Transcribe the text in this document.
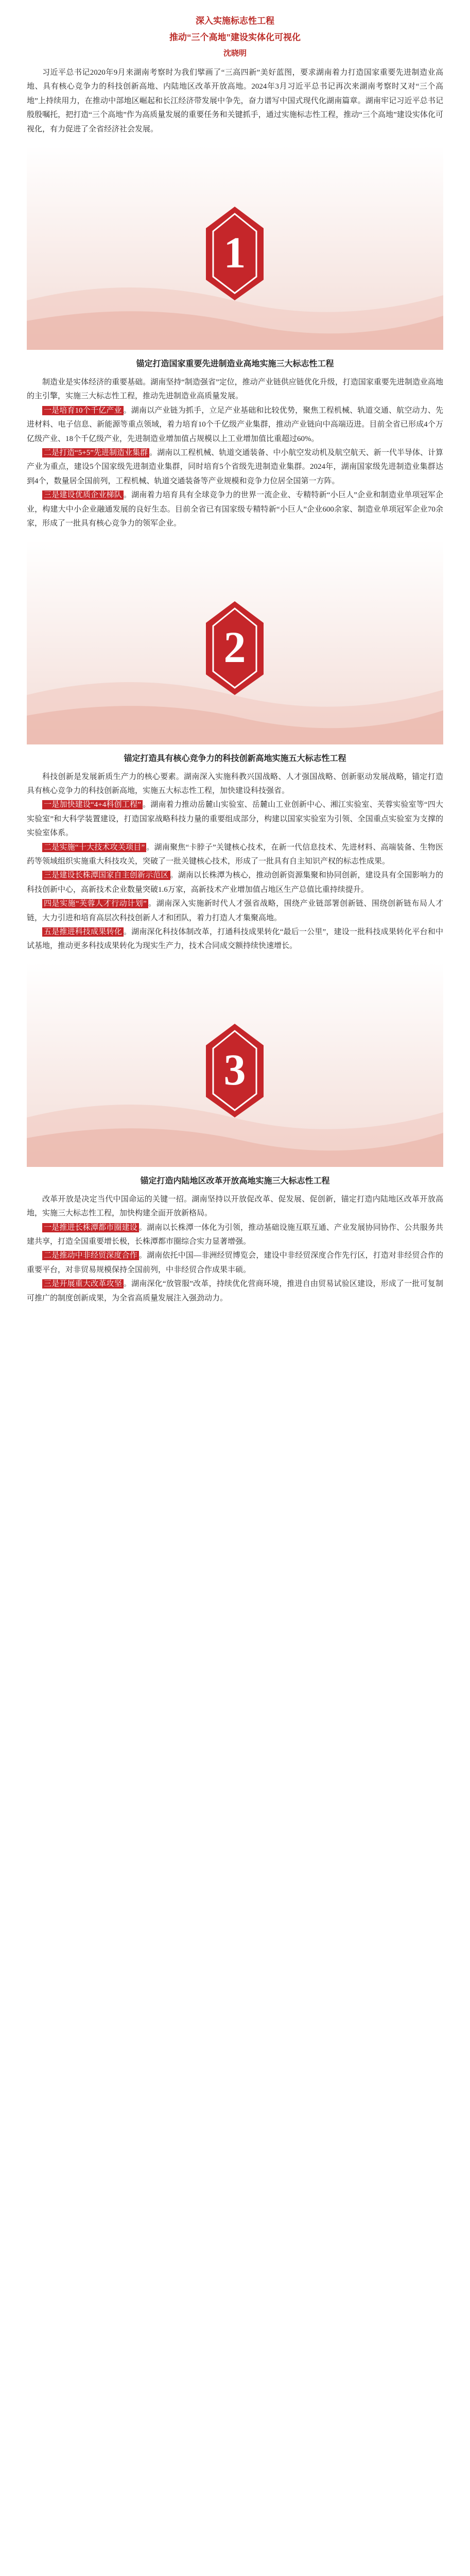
深入实施标志性工程
推动“三个高地”建设实体化可视化
沈晓明

习近平总书记2020年9月来湖南考察时为我们擘画了“三高四新”美好蓝图，要求湖南着力打造国家重要先进制造业高地、具有核心竞争力的科技创新高地、内陆地区改革开放高地。2024年3月习近平总书记再次来湖南考察时又对“三个高地”上持续用力，在推动中部地区崛起和长江经济带发展中争先，奋力谱写中国式现代化湖南篇章。湖南牢记习近平总书记殷殷嘱托，把打造“三个高地”作为高质量发展的重要任务和关键抓手，通过实施标志性工程，推动“三个高地”建设实体化可视化，有力促进了全省经济社会发展。

1
锚定打造国家重要先进制造业高地实施三大标志性工程

制造业是实体经济的重要基础。湖南坚持“制造强省”定位，推动产业链供应链优化升级，打造国家重要先进制造业高地的主引擎，实施三大标志性工程，推动先进制造业高质量发展。

一是培育10个千亿产业 。湖南以产业链为抓手，立足产业基础和比较优势，聚焦工程机械、轨道交通、航空动力、先进材料、电子信息、新能源等重点领域，着力培育10个千亿级产业集群，推动产业链向中高端迈进。目前全省已形成4个万亿级产业、18个千亿级产业，先进制造业增加值占规模以上工业增加值比重超过60%。

二是打造“5+5”先进制造业集群 。湖南以工程机械、轨道交通装备、中小航空发动机及航空航天、新一代半导体、计算产业为重点，建设5个国家级先进制造业集群，同时培育5个省级先进制造业集群。2024年，湖南国家级先进制造业集群达到4个，数量居全国前列，工程机械、轨道交通装备等产业规模和竞争力位居全国第一方阵。

三是建设优质企业梯队 。湖南着力培育具有全球竞争力的世界一流企业、专精特新“小巨人”企业和制造业单项冠军企业，构建大中小企业融通发展的良好生态。目前全省已有国家级专精特新“小巨人”企业600余家、制造业单项冠军企业70余家，形成了一批具有核心竞争力的领军企业。

2
锚定打造具有核心竞争力的科技创新高地实施五大标志性工程

科技创新是发展新质生产力的核心要素。湖南深入实施科教兴国战略、人才强国战略、创新驱动发展战略，锚定打造具有核心竞争力的科技创新高地，实施五大标志性工程，加快建设科技强省。

一是加快建设“4+4科创工程” 。湖南着力推动岳麓山实验室、岳麓山工业创新中心、湘江实验室、芙蓉实验室等“四大实验室”和大科学装置建设，打造国家战略科技力量的重要组成部分，构建以国家实验室为引领、全国重点实验室为支撑的实验室体系。

二是实施“十大技术攻关项目” 。湖南聚焦“卡脖子”关键核心技术，在新一代信息技术、先进材料、高端装备、生物医药等领域组织实施重大科技攻关，突破了一批关键核心技术，形成了一批具有自主知识产权的标志性成果。

三是建设长株潭国家自主创新示范区 。湖南以长株潭为核心，推动创新资源集聚和协同创新，建设具有全国影响力的科技创新中心，高新技术企业数量突破1.6万家，高新技术产业增加值占地区生产总值比重持续提升。

四是实施“芙蓉人才行动计划” 。湖南深入实施新时代人才强省战略，围绕产业链部署创新链、围绕创新链布局人才链，大力引进和培育高层次科技创新人才和团队，着力打造人才集聚高地。

五是推进科技成果转化 。湖南深化科技体制改革，打通科技成果转化“最后一公里”，建设一批科技成果转化平台和中试基地，推动更多科技成果转化为现实生产力，技术合同成交额持续快速增长。

3
锚定打造内陆地区改革开放高地实施三大标志性工程

改革开放是决定当代中国命运的关键一招。湖南坚持以开放促改革、促发展、促创新，锚定打造内陆地区改革开放高地，实施三大标志性工程，加快构建全面开放新格局。

一是推进长株潭都市圈建设 。湖南以长株潭一体化为引领，推动基础设施互联互通、产业发展协同协作、公共服务共建共享，打造全国重要增长极，长株潭都市圈综合实力显著增强。

二是推动中非经贸深度合作 。湖南依托中国—非洲经贸博览会，建设中非经贸深度合作先行区，打造对非经贸合作的重要平台，对非贸易规模保持全国前列，中非经贸合作成果丰硕。

三是开展重大改革攻坚 。湖南深化“放管服”改革，持续优化营商环境，推进自由贸易试验区建设，形成了一批可复制可推广的制度创新成果，为全省高质量发展注入强劲动力。
